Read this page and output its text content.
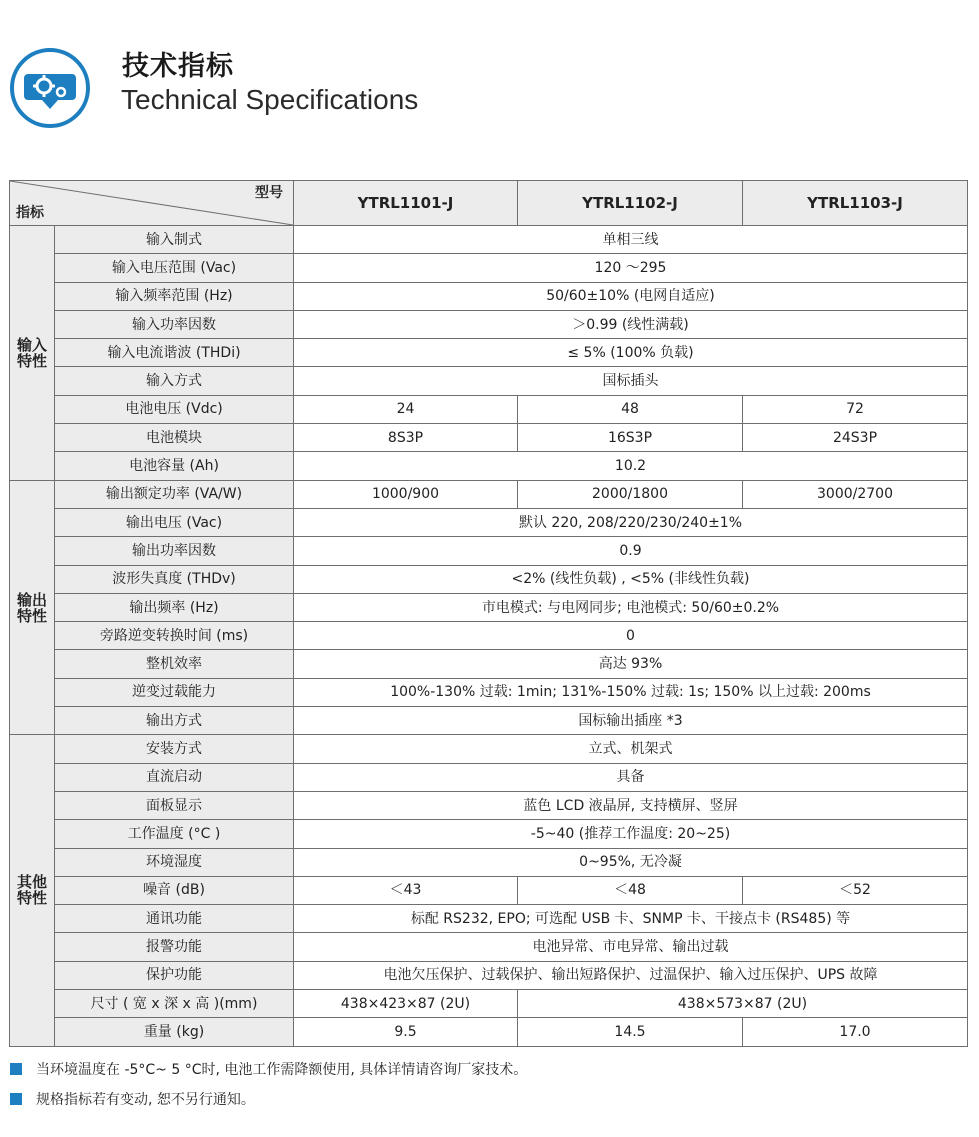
技术指标
Technical Specifications
型号
指标		YTRL1101-J	YTRL1102-J	YTRL1103-J
输入
特性	输入制式	单相三线		
	输入电压范围 (Vac)	120 ～295		
	输入频率范围 (Hz)	50/60±10% (电网自适应)		
	输入功率因数	＞0.99 (线性满载)		
	输入电流谐波 (THDi)	≤ 5% (100% 负载)		
	输入方式	国标插头		
	电池电压 (Vdc)	24	48	72
	电池模块	8S3P	16S3P	24S3P
	电池容量 (Ah)	10.2		
输出
特性	输出额定功率 (VA/W)	1000/900	2000/1800	3000/2700
	输出电压 (Vac)	默认 220, 208/220/230/240±1%		
	输出功率因数	0.9		
	波形失真度 (THDv)	<2% (线性负载) , <5% (非线性负载)		
	输出频率 (Hz)	市电模式: 与电网同步; 电池模式: 50/60±0.2%		
	旁路逆变转换时间 (ms)	0		
	整机效率	高达 93%		
	逆变过载能力	100%-130% 过载: 1min; 131%-150% 过载: 1s; 150% 以上过载: 200ms		
	输出方式	国标输出插座 *3		
其他
特性	安装方式	立式、机架式		
	直流启动	具备		
	面板显示	蓝色 LCD 液晶屏, 支持横屏、竖屏		
	工作温度 (°C )	-5~40 (推荐工作温度: 20~25)		
	环境湿度	0~95%, 无冷凝		
	噪音 (dB)	＜43	＜48	＜52
	通讯功能	标配 RS232, EPO; 可选配 USB 卡、SNMP 卡、干接点卡 (RS485) 等		
	报警功能	电池异常、市电异常、输出过载		
	保护功能	电池欠压保护、过载保护、输出短路保护、过温保护、输入过压保护、UPS 故障		
	尺寸 ( 宽 x 深 x 高 )(mm)	438×423×87 (2U)	438×573×87 (2U)	
	重量 (kg)	9.5	14.5	17.0
当环境温度在 -5°C~ 5 °C时, 电池工作需降额使用, 具体详情请咨询厂家技术。
规格指标若有变动, 恕不另行通知。
